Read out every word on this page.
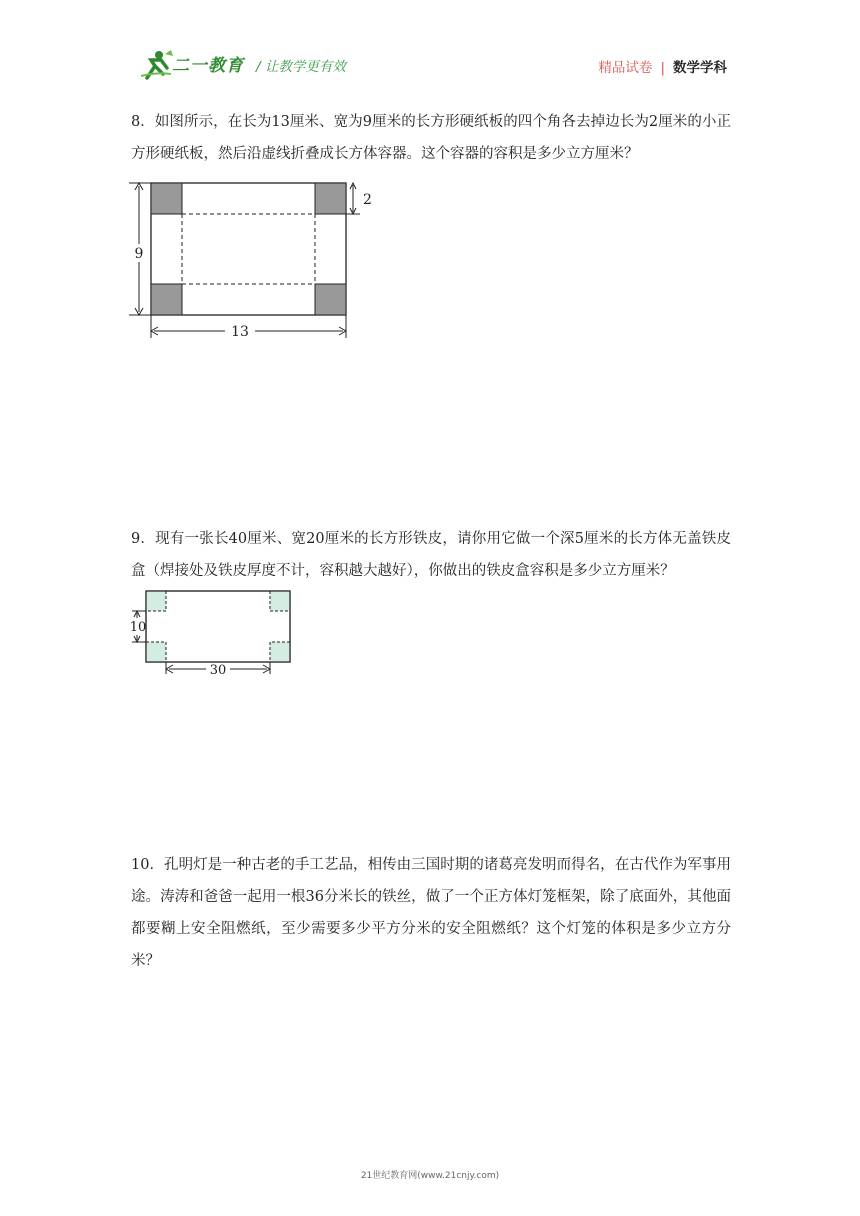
二一教育 / 让教学更有效	精品试卷 | 数学学科
8．如图所示，在长为13厘米、宽为9厘米的长方形硬纸板的四个角各去掉边长为2厘米的小正方形硬纸板，然后沿虚线折叠成长方体容器。这个容器的容积是多少立方厘米？
9
2
13
9．现有一张长40厘米、宽20厘米的长方形铁皮，请你用它做一个深5厘米的长方体无盖铁皮盒（焊接处及铁皮厚度不计，容积越大越好），你做出的铁皮盒容积是多少立方厘米？
10
30
10．孔明灯是一种古老的手工艺品，相传由三国时期的诸葛亮发明而得名，在古代作为军事用途。涛涛和爸爸一起用一根36分米长的铁丝，做了一个正方体灯笼框架，除了底面外，其他面都要糊上安全阻燃纸，至少需要多少平方分米的安全阻燃纸？这个灯笼的体积是多少立方分米？
21世纪教育网(www.21cnjy.com)
